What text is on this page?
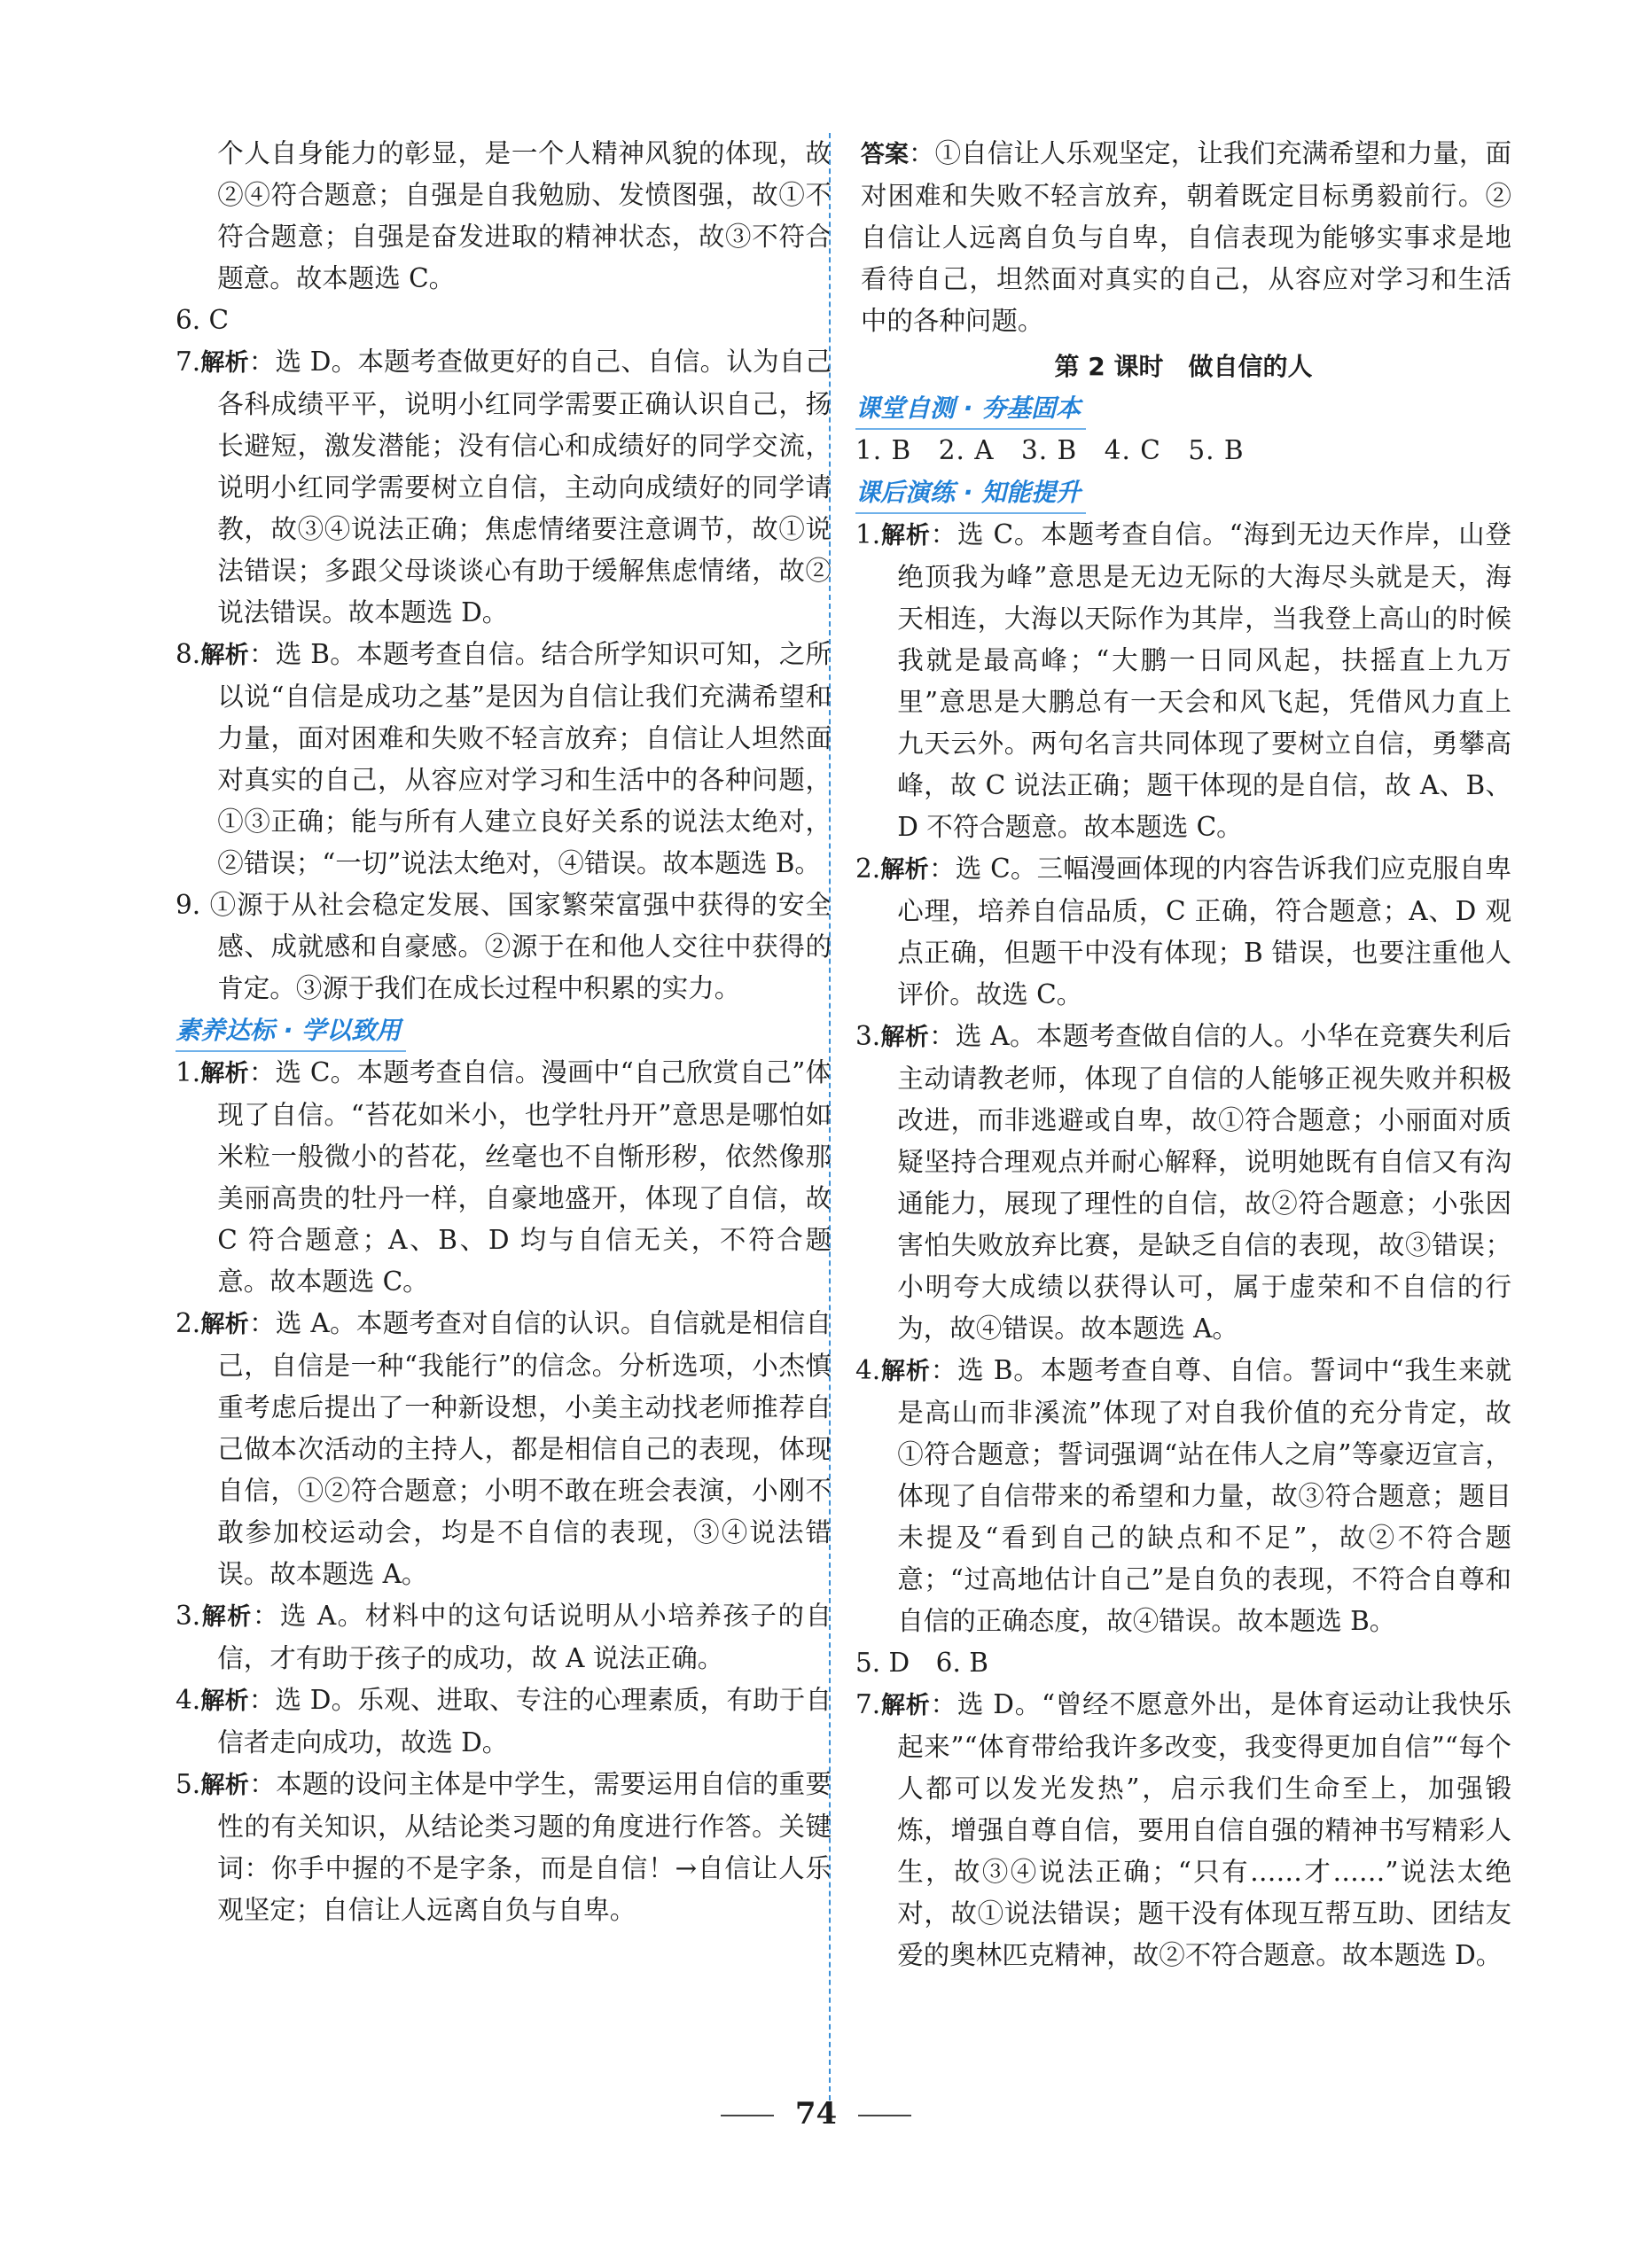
个人自身能力的彰显，是一个人精神风貌的体现，故②④符合题意；自强是自我勉励、发愤图强，故①不符合题意；自强是奋发进取的精神状态，故③不符合题意。故本题选 C。

6. C

7.解析：选 D。本题考查做更好的自己、自信。认为自己各科成绩平平，说明小红同学需要正确认识自己，扬长避短，激发潜能；没有信心和成绩好的同学交流，说明小红同学需要树立自信，主动向成绩好的同学请教，故③④说法正确；焦虑情绪要注意调节，故①说法错误；多跟父母谈谈心有助于缓解焦虑情绪，故②说法错误。故本题选 D。

8.解析：选 B。本题考查自信。结合所学知识可知，之所以说“自信是成功之基”是因为自信让我们充满希望和力量，面对困难和失败不轻言放弃；自信让人坦然面对真实的自己，从容应对学习和生活中的各种问题，①③正确；能与所有人建立良好关系的说法太绝对，②错误；“一切”说法太绝对，④错误。故本题选 B。

9. ①源于从社会稳定发展、国家繁荣富强中获得的安全感、成就感和自豪感。②源于在和他人交往中获得的肯定。③源于我们在成长过程中积累的实力。

素养达标 · 学以致用

1.解析：选 C。本题考查自信。漫画中“自己欣赏自己”体现了自信。“苔花如米小，也学牡丹开”意思是哪怕如米粒一般微小的苔花，丝毫也不自惭形秽，依然像那美丽高贵的牡丹一样，自豪地盛开，体现了自信，故 C 符合题意；A、B、D 均与自信无关，不符合题意。故本题选 C。

2.解析：选 A。本题考查对自信的认识。自信就是相信自己，自信是一种“我能行”的信念。分析选项，小杰慎重考虑后提出了一种新设想，小美主动找老师推荐自己做本次活动的主持人，都是相信自己的表现，体现自信，①②符合题意；小明不敢在班会表演，小刚不敢参加校运动会，均是不自信的表现，③④说法错误。故本题选 A。

3.解析：选 A。材料中的这句话说明从小培养孩子的自信，才有助于孩子的成功，故 A 说法正确。

4.解析：选 D。乐观、进取、专注的心理素质，有助于自信者走向成功，故选 D。

5.解析：本题的设问主体是中学生，需要运用自信的重要性的有关知识，从结论类习题的角度进行作答。关键词：你手中握的不是字条，而是自信！→自信让人乐观坚定；自信让人远离自负与自卑。

答案：①自信让人乐观坚定，让我们充满希望和力量，面对困难和失败不轻言放弃，朝着既定目标勇毅前行。②自信让人远离自负与自卑，自信表现为能够实事求是地看待自己，坦然面对真实的自己，从容应对学习和生活中的各种问题。

第 2 课时　做自信的人

课堂自测 · 夯基固本

1. B　2. A　3. B　4. C　5. B

课后演练 · 知能提升

1.解析：选 C。本题考查自信。“海到无边天作岸，山登绝顶我为峰”意思是无边无际的大海尽头就是天，海天相连，大海以天际作为其岸，当我登上高山的时候我就是最高峰；“大鹏一日同风起，扶摇直上九万里”意思是大鹏总有一天会和风飞起，凭借风力直上九天云外。两句名言共同体现了要树立自信，勇攀高峰，故 C 说法正确；题干体现的是自信，故 A、B、D 不符合题意。故本题选 C。

2.解析：选 C。三幅漫画体现的内容告诉我们应克服自卑心理，培养自信品质，C 正确，符合题意；A、D 观点正确，但题干中没有体现；B 错误，也要注重他人评价。故选 C。

3.解析：选 A。本题考查做自信的人。小华在竞赛失利后主动请教老师，体现了自信的人能够正视失败并积极改进，而非逃避或自卑，故①符合题意；小丽面对质疑坚持合理观点并耐心解释，说明她既有自信又有沟通能力，展现了理性的自信，故②符合题意；小张因害怕失败放弃比赛，是缺乏自信的表现，故③错误；小明夸大成绩以获得认可，属于虚荣和不自信的行为，故④错误。故本题选 A。

4.解析：选 B。本题考查自尊、自信。誓词中“我生来就是高山而非溪流”体现了对自我价值的充分肯定，故①符合题意；誓词强调“站在伟人之肩”等豪迈宣言，体现了自信带来的希望和力量，故③符合题意；题目未提及“看到自己的缺点和不足”，故②不符合题意；“过高地估计自己”是自负的表现，不符合自尊和自信的正确态度，故④错误。故本题选 B。

5. D　6. B

7.解析：选 D。“曾经不愿意外出，是体育运动让我快乐起来”“体育带给我许多改变，我变得更加自信”“每个人都可以发光发热”，启示我们生命至上，加强锻炼，增强自尊自信，要用自信自强的精神书写精彩人生，故③④说法正确；“只有……才……”说法太绝对，故①说法错误；题干没有体现互帮互助、团结友爱的奥林匹克精神，故②不符合题意。故本题选 D。

74
